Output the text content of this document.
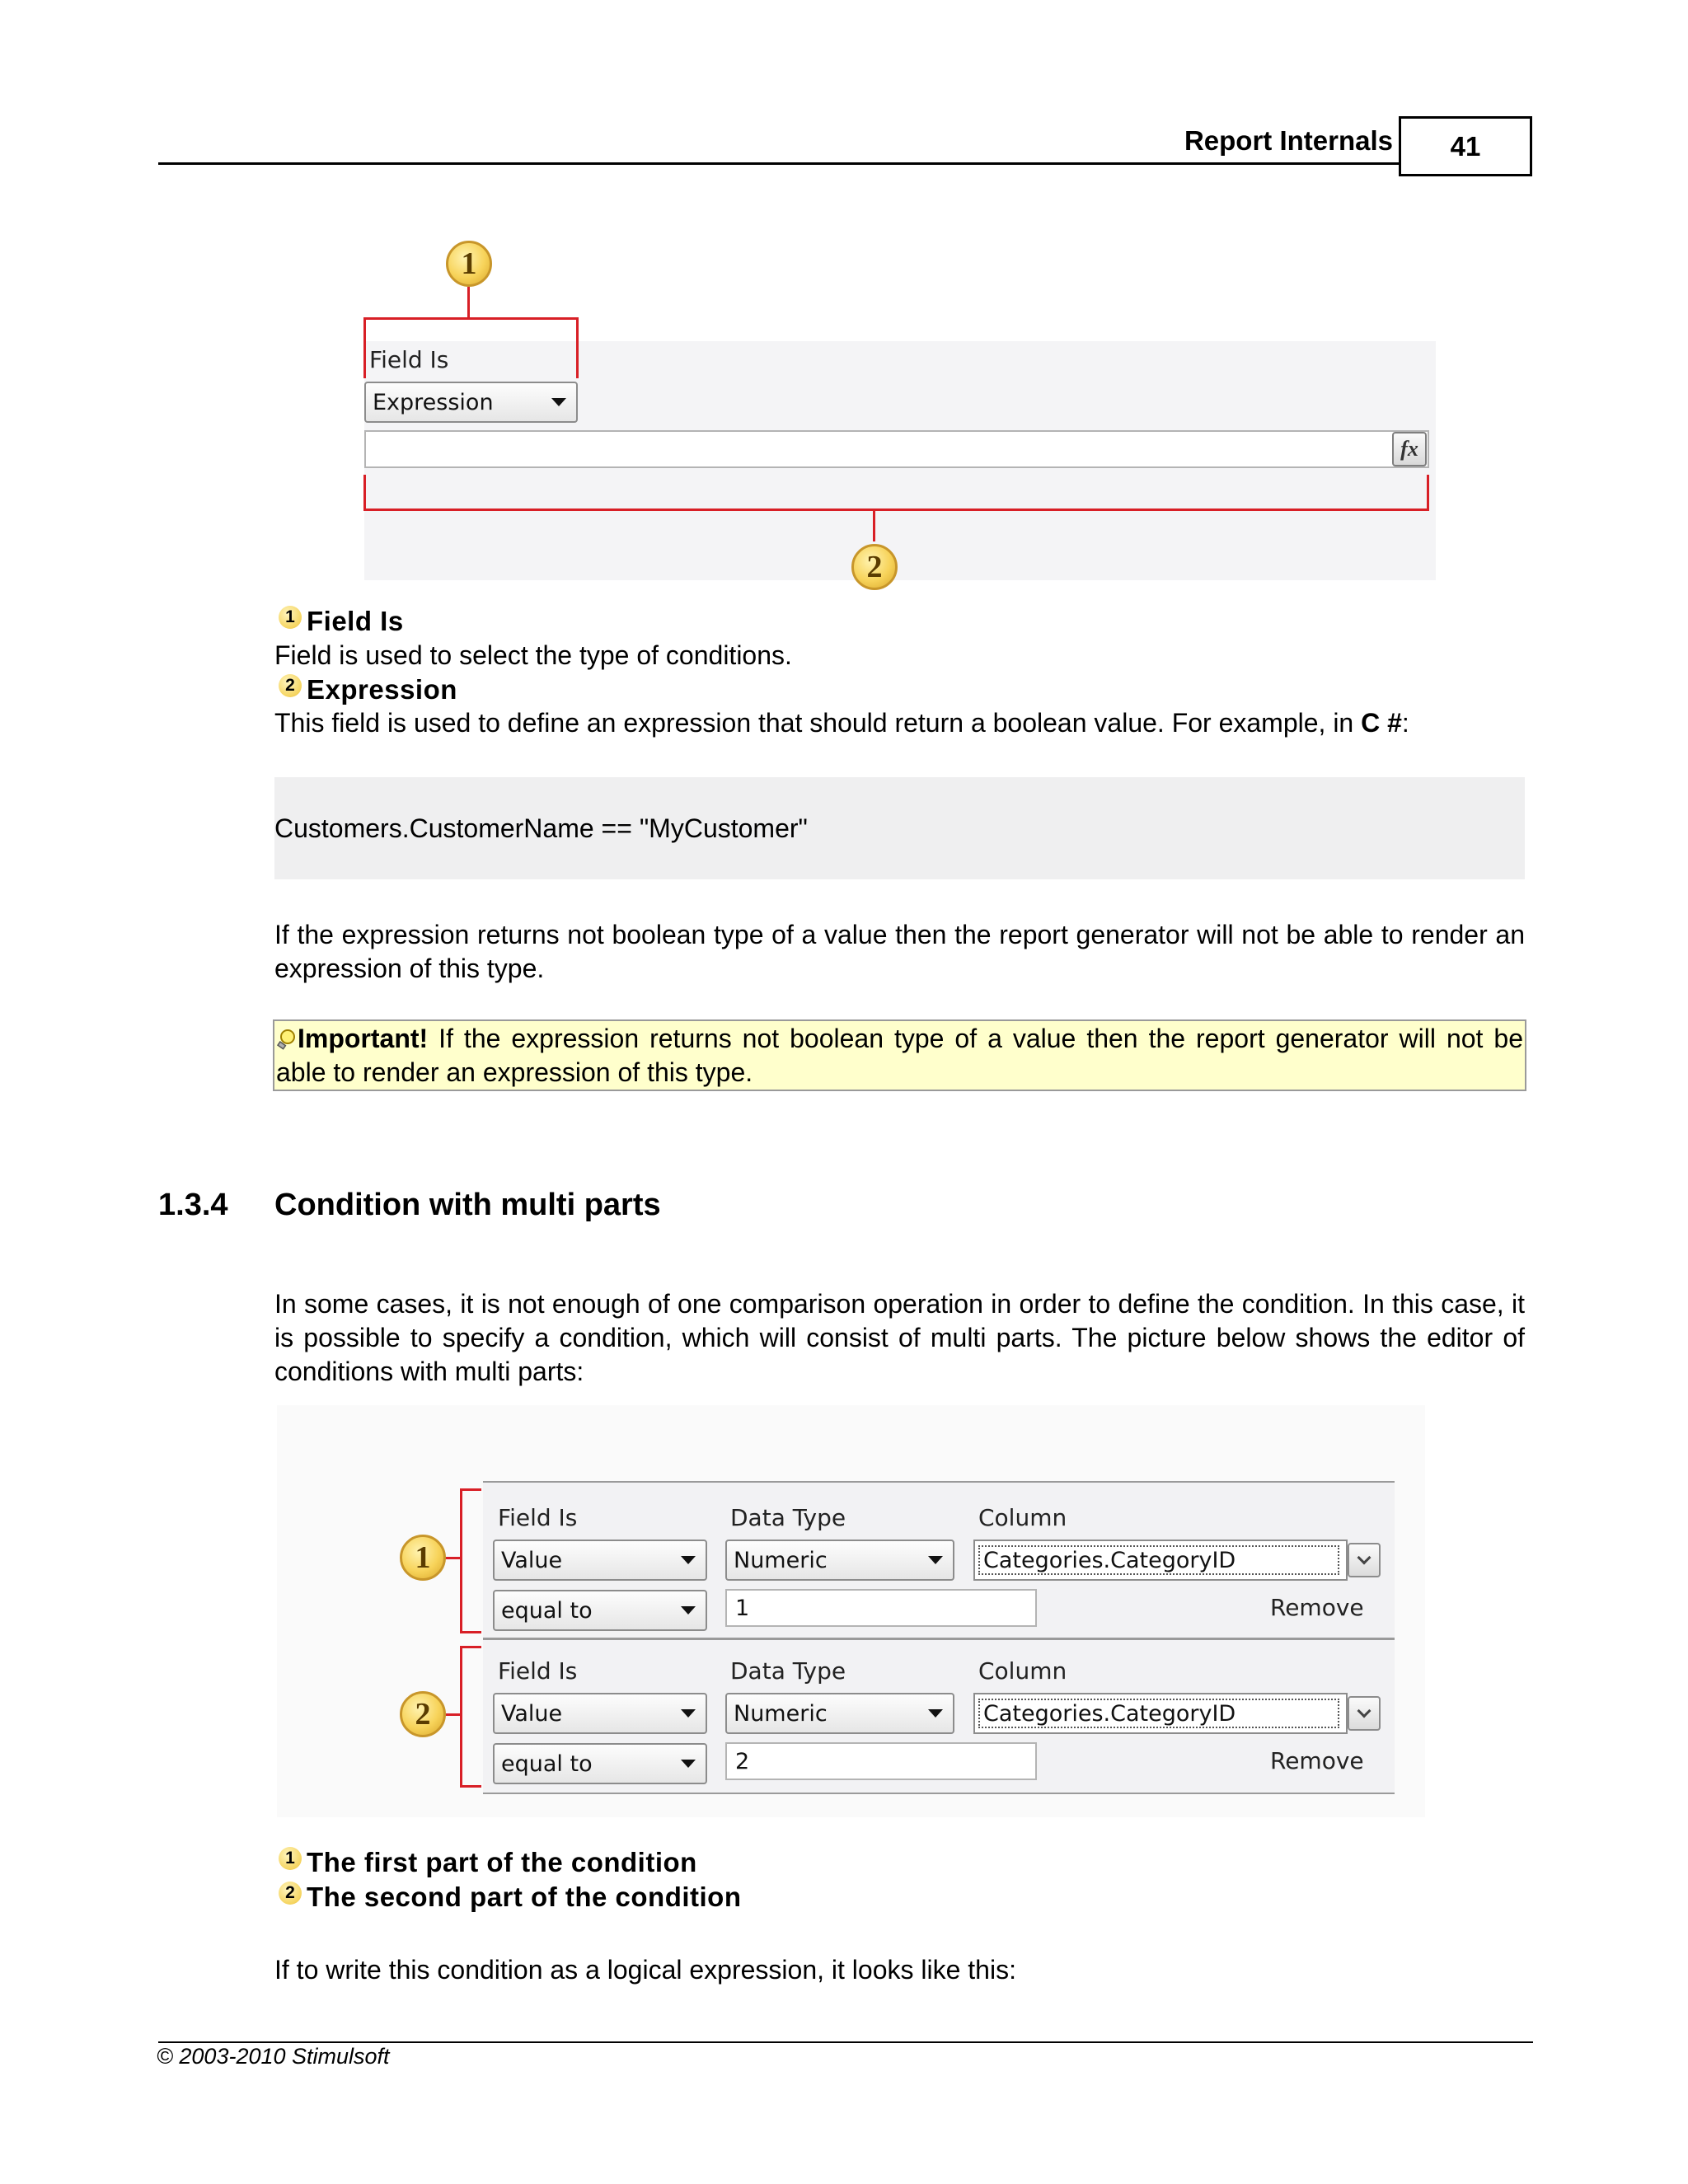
Report Internals	41
1
Field Is
Expression
fx
2
1 Field Is
Field is used to select the type of conditions.
2 Expression
This field is used to define an expression that should return a boolean value. For example, in C #:
Customers.CustomerName == "MyCustomer"
If the expression returns not boolean type of a value then the report generator will not be able to render an expression of this type.
Important! If the expression returns not boolean type of a value then the report generator will not be able to render an expression of this type.
1.3.4 Condition with multi parts
In some cases, it is not enough of one comparison operation in order to define the condition. In this case, it is possible to specify a condition, which will consist of multi parts. The picture below shows the editor of conditions with multi parts:
1
Field Is	Data Type	Column
Value	Numeric	Categories.CategoryID
equal to	1	Remove
2
Field Is	Data Type	Column
Value	Numeric	Categories.CategoryID
equal to	2	Remove
1 The first part of the condition
2 The second part of the condition
If to write this condition as a logical expression, it looks like this:
© 2003-2010 Stimulsoft
